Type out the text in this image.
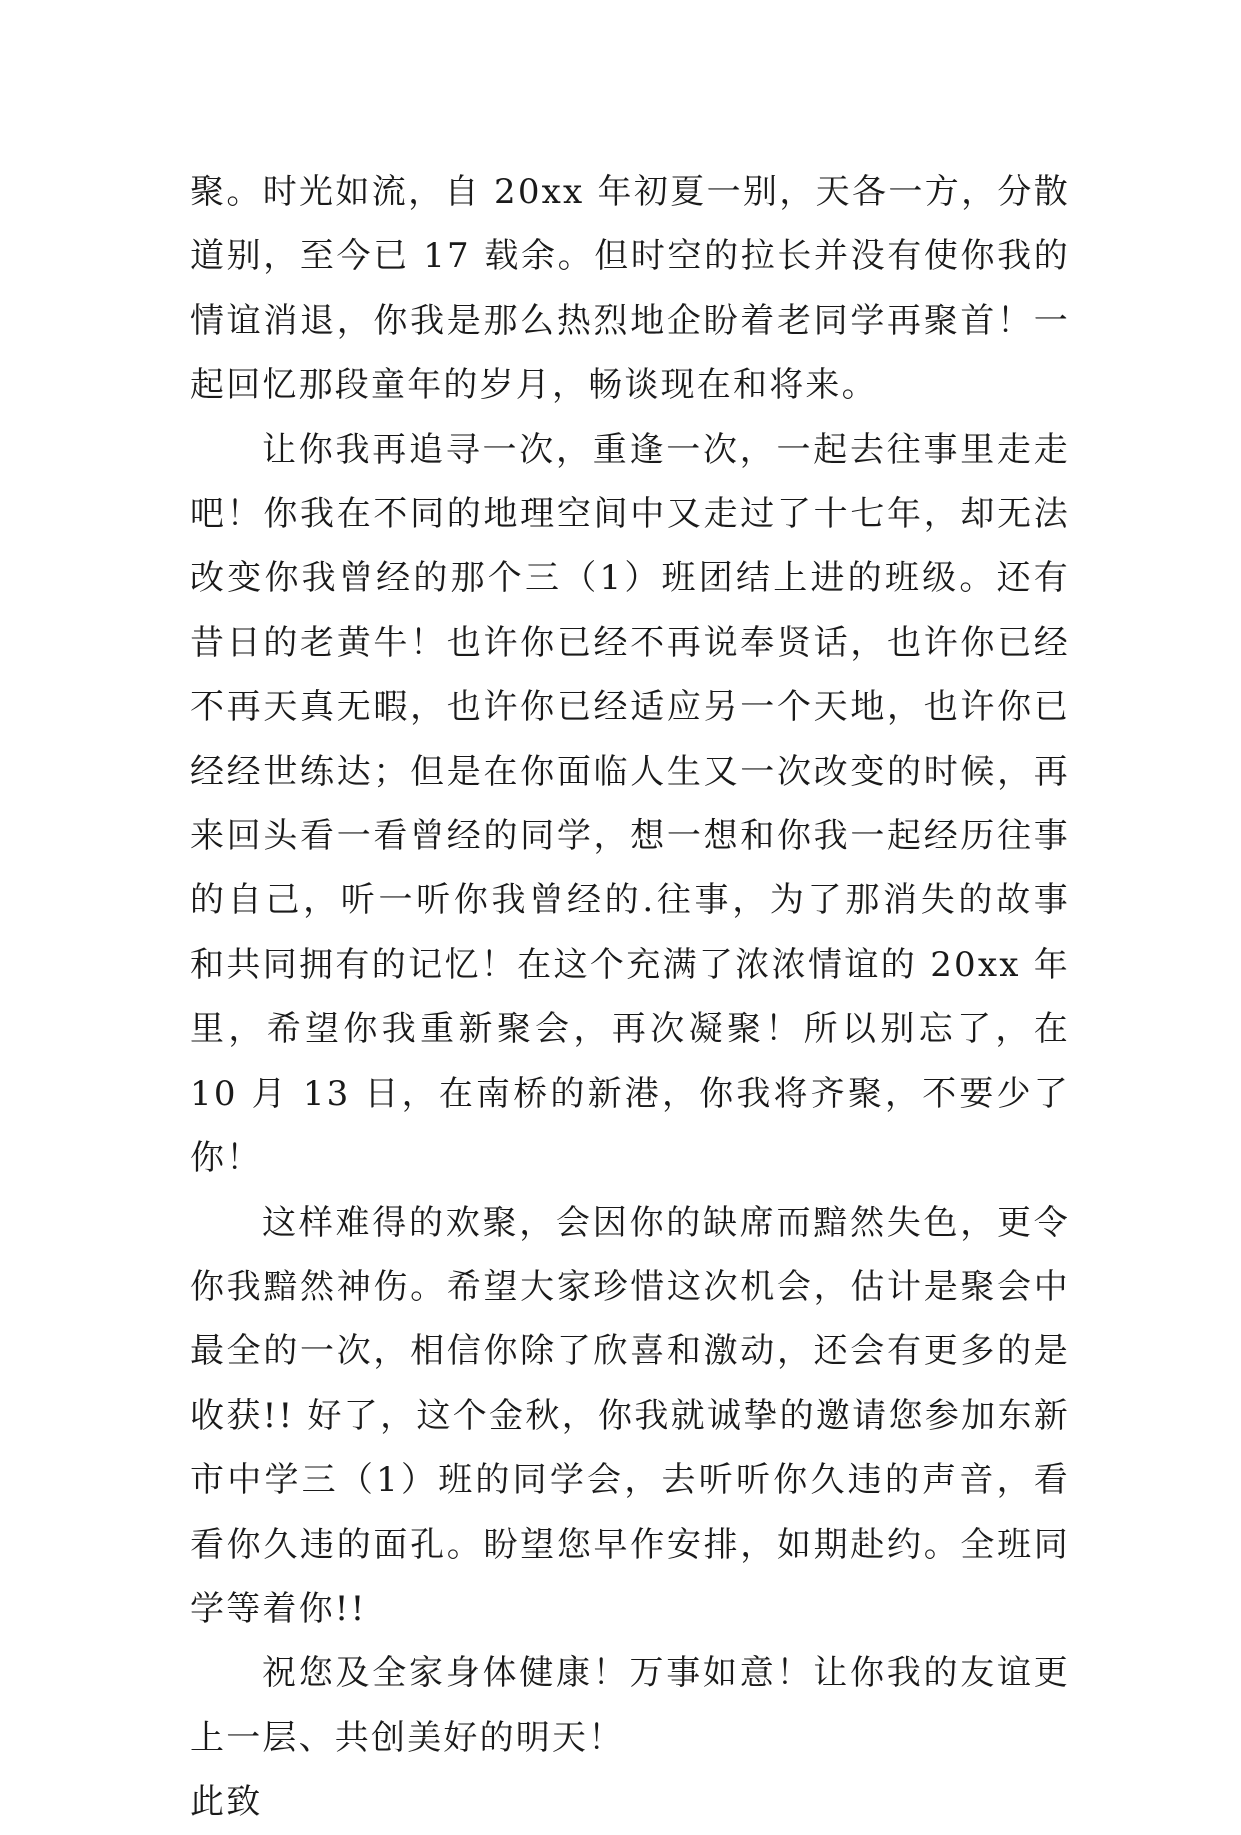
聚。时光如流，自 20xx 年初夏一别，天各一方，分散道别，至今已 17 载余。但时空的拉长并没有使你我的情谊消退，你我是那么热烈地企盼着老同学再聚首！一起回忆那段童年的岁月，畅谈现在和将来。

让你我再追寻一次，重逢一次，一起去往事里走走吧！你我在不同的地理空间中又走过了十七年，却无法改变你我曾经的那个三（1）班团结上进的班级。还有昔日的老黄牛！也许你已经不再说奉贤话，也许你已经不再天真无暇，也许你已经适应另一个天地，也许你已经经世练达；但是在你面临人生又一次改变的时候，再来回头看一看曾经的同学，想一想和你我一起经历往事的自己，听一听你我曾经的.往事，为了那消失的故事和共同拥有的记忆！在这个充满了浓浓情谊的 20xx 年里，希望你我重新聚会，再次凝聚！所以别忘了，在 10 月 13 日，在南桥的新港，你我将齐聚，不要少了你！

这样难得的欢聚，会因你的缺席而黯然失色，更令你我黯然神伤。希望大家珍惜这次机会，估计是聚会中最全的一次，相信你除了欣喜和激动，还会有更多的是收获!! 好了，这个金秋，你我就诚挚的邀请您参加东新市中学三（1）班的同学会，去听听你久违的声音，看看你久违的面孔。盼望您早作安排，如期赴约。全班同学等着你!!

祝您及全家身体健康！万事如意！让你我的友谊更上一层、共创美好的明天！

此致
